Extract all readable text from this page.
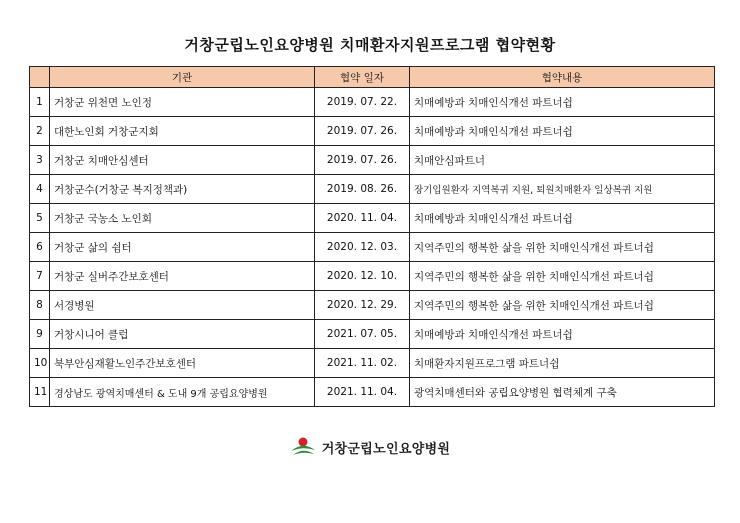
거창군립노인요양병원 치매환자지원프로그램 협약현황
	기관	협약 일자	협약내용
1	거창군 위천면 노인정	2019. 07. 22.	치매예방과 치매인식개선 파트너쉽
2	대한노인회 거창군지회	2019. 07. 26.	치매예방과 치매인식개선 파트너쉽
3	거창군 치매안심센터	2019. 07. 26.	치매안심파트너
4	거창군수(거창군 복지정책과)	2019. 08. 26.	장기입원환자 지역복귀 지원, 퇴원치매환자 일상복귀 지원
5	거창군 국농소 노인회	2020. 11. 04.	치매예방과 치매인식개선 파트너쉽
6	거창군 삶의 쉼터	2020. 12. 03.	지역주민의 행복한 삶을 위한 치매인식개선 파트너쉽
7	거창군 실버주간보호센터	2020. 12. 10.	지역주민의 행복한 삶을 위한 치매인식개선 파트너쉽
8	서경병원	2020. 12. 29.	지역주민의 행복한 삶을 위한 치매인식개선 파트너쉽
9	거창시니어 클럽	2021. 07. 05.	치매예방과 치매인식개선 파트너쉽
10	북부안심재활노인주간보호센터	2021. 11. 02.	치매환자지원프로그램 파트너쉽
11	경상남도 광역치매센터 & 도내 9개 공립요양병원	2021. 11. 04.	광역치매센터와 공립요양병원 협력체계 구축
거창군립노인요양병원
